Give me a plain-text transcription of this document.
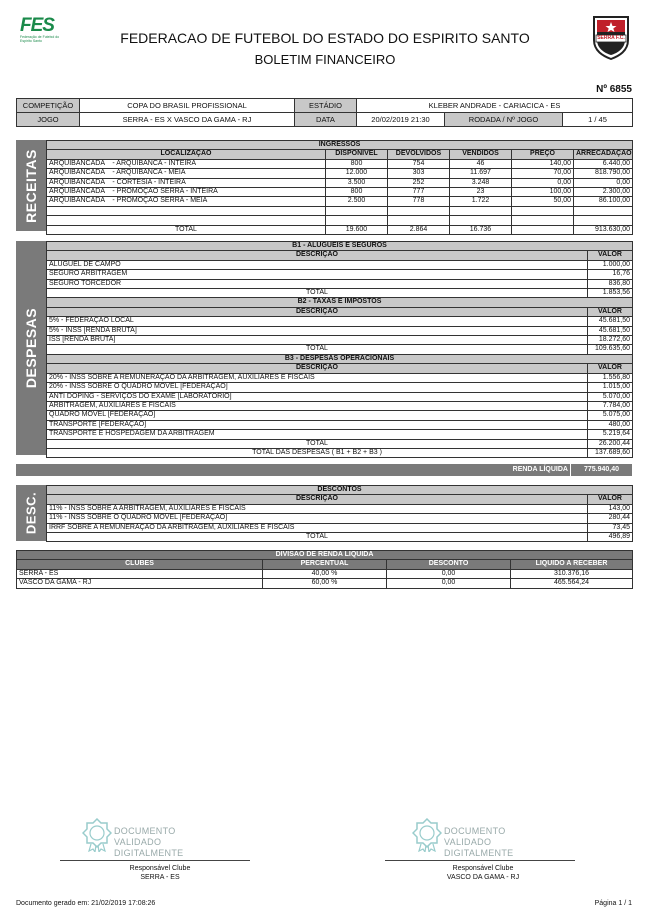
FES
Federação de Futebol do Espírito Santo	FEDERACAO DE FUTEBOL DO ESTADO DO ESPIRITO SANTO
BOLETIM FINANCEIRO
SERRA F.C.
Nº 6855
COMPETIÇÃO	COPA DO BRASIL PROFISSIONAL	ESTÁDIO	KLEBER ANDRADE - CARIACICA - ES		
JOGO	SERRA - ES X VASCO DA GAMA - RJ	DATA	20/02/2019 21:30	RODADA / Nº JOGO	1 / 45
RECEITAS
INGRESSOS					
LOCALIZAÇÃO	DISPONÍVEL	DEVOLVIDOS	VENDIDOS	PREÇO	ARRECADAÇÃO
ARQUIBANCADA    - ARQUIBANCA - INTEIRA	800	754	46	140,00	6.440,00
ARQUIBANCADA    - ARQUIBANCA - MEIA	12.000	303	11.697	70,00	818.790,00
ARQUIBANCADA    - CORTESIA - INTEIRA	3.500	252	3.248	0,00	0,00
ARQUIBANCADA    - PROMOÇÃO SERRA - INTEIRA	800	777	23	100,00	2.300,00
ARQUIBANCADA    - PROMOÇÃO SERRA - MEIA	2.500	778	1.722	50,00	86.100,00

TOTAL	19.600	2.864	16.736		913.630,00
DESPESAS
B1 - ALUGUEIS E SEGUROS	
DESCRIÇÃO	VALOR
ALUGUEL DE CAMPO	1.000,00
SEGURO ARBITRAGEM	16,76
SEGURO TORCEDOR	836,80
TOTAL	1.853,56
B2 - TAXAS E IMPOSTOS	
DESCRIÇÃO	VALOR
5% - FEDERAÇÃO LOCAL	45.681,50
5% - INSS [RENDA BRUTA]	45.681,50
ISS [RENDA BRUTA]	18.272,60
TOTAL	109.635,60
B3 - DESPESAS OPERACIONAIS	
DESCRIÇÃO	VALOR
20% - INSS SOBRE A REMUNERAÇÃO DA ARBITRAGEM, AUXILIARES E FISCAIS	1.556,80
20% - INSS SOBRE O QUADRO MÓVEL [FEDERAÇÃO]	1.015,00
ANTI DOPING - SERVIÇOS DO EXAME [LABORATÓRIO]	5.070,00
ARBITRAGEM, AUXILIARES E FISCAIS	7.784,00
QUADRO MÓVEL [FEDERAÇÃO]	5.075,00
TRANSPORTE [FEDERAÇÃO]	480,00
TRANSPORTE E HOSPEDAGEM DA ARBITRAGEM	5.219,64
TOTAL	26.200,44
TOTAL DAS DESPESAS ( B1 + B2 + B3 )	137.689,60
RENDA LÍQUIDA	775.940,40
DESC.
DESCONTOS	
DESCRIÇÃO	VALOR
11% - INSS SOBRE A ARBITRAGEM, AUXILIARES E FISCAIS	143,00
11% - INSS SOBRE O QUADRO MÓVEL [FEDERAÇÃO]	280,44
IRRF SOBRE A REMUNERAÇÃO DA ARBITRAGEM, AUXILIARES E FISCAIS	73,45
TOTAL	496,89
DIVISÃO DE RENDA LÍQUIDA			
CLUBES	PERCENTUAL	DESCONTO	LÍQUIDO A RECEBER
SERRA - ES	40,00 %	0,00	310.376,16
VASCO DA GAMA - RJ	60,00 %	0,00	465.564,24
DOCUMENTO VALIDADO
DIGITALMENTE
DOCUMENTO VALIDADO
DIGITALMENTE
Responsável Clube
SERRA - ES
Responsável Clube
VASCO DA GAMA - RJ
Documento gerado em: 21/02/2019 17:08:26	Página 1 / 1
